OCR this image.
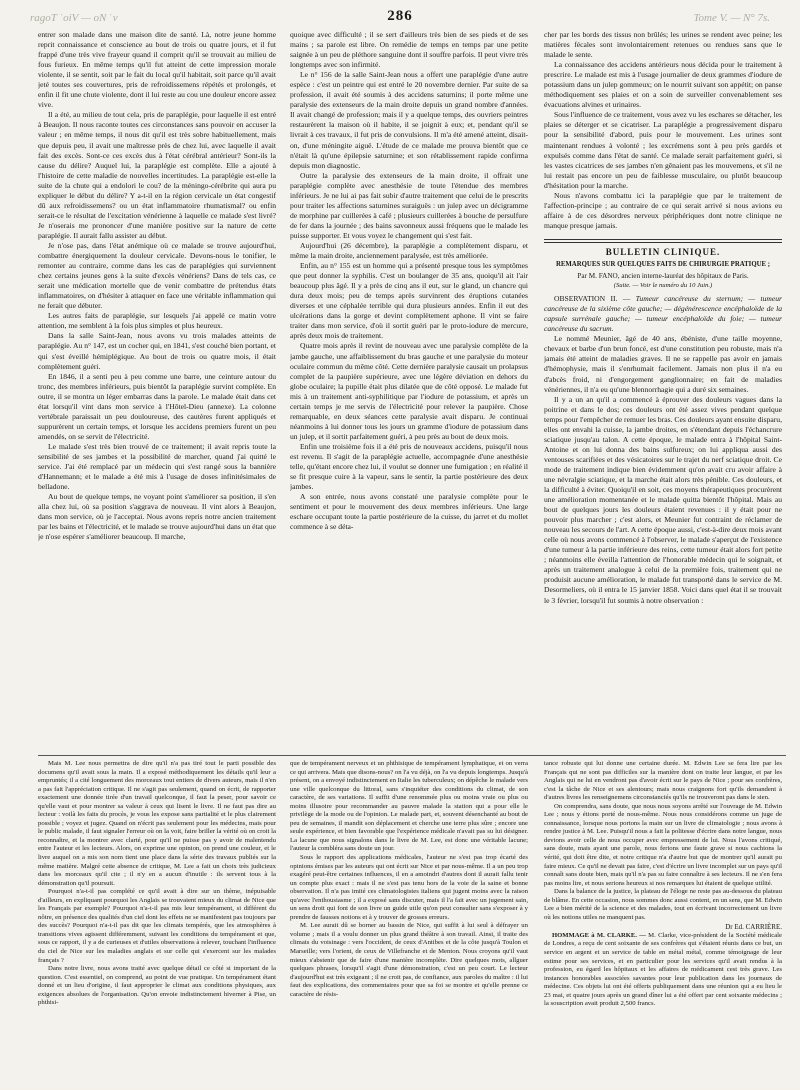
ragoT ˈoiV — oN ˈv	286	Tome V. — N° 7s.

entrer son malade dans une maison dite de santé. Là, notre jeune homme reprit connaissance et conscience au bout de trois ou quatre jours, et il fut frappé d'une très vive frayeur quand il comprit qu'il se trouvait au milieu de fous furieux. En même temps qu'il fut atteint de cette impression morale violente, il se sentit, soit par le fait du local qu'il habitait, soit parce qu'il avait jeté toutes ses couvertures, pris de refroidissemens répétés et prolongés, et enfin il fit une chute violente, dont il lui reste au cou une douleur encore assez vive.

Il a été, au milieu de tout cela, pris de paraplégie, pour laquelle il est entré à Beaujon. Il nous raconte toutes ces circonstances sans pouvoir en accuser la valeur ; en même temps, il nous dit qu'il est très sobre habituellement, mais que depuis peu, il avait une maîtresse près de chez lui, avec laquelle il avait fait des excès. Sont-ce ces excès dus à l'état cérébral antérieur? Sont-ils la cause du délire? Auquel lui, la paraplégie est complète. Elle a ajouté à l'histoire de cette maladie de nouvelles incertitudes. La paraplégie est-elle la suite de la chute qui a endolori le cou? de la méningo-cérébrite qui aura pu expliquer le début du délire? Y a-t-il en la région cervicale un état congestif dû aux refroidissemens? ou un état inflammatoire rhumatismal? ou enfin serait-ce le résultat de l'excitation vénérienne à laquelle ce malade s'est livré? Je n'oserais me prononcer d'une manière positive sur la nature de cette paraplégie. Il aurait fallu assister au début.

Je n'ose pas, dans l'état anémique où ce malade se trouve aujourd'hui, combattre énergiquement la douleur cervicale. Devons-nous le tonifier, le remonter au contraire, comme dans les cas de paraplégies qui surviennent chez certains jeunes gens à la suite d'excès vénériens? Dans de tels cas, ce serait une médication mortelle que de venir combattre de prétendus états inflammatoires, on d'hésiter à attaquer en face une véritable inflammation qui ne ferait que débuter.

Les autres faits de paraplégie, sur lesquels j'ai appelé ce matin votre attention, me semblent à la fois plus simples et plus heureux.

Dans la salle Saint-Jean, nous avons vu trois malades atteints de paraplégie. Au n° 147, est un cocher qui, en 1841, s'est couché bien portant, et qui s'est éveillé hémiplégique. Au bout de trois ou quatre mois, il était complètement guéri.

En 1846, il a senti peu à peu comme une barre, une ceinture autour du tronc, des membres inférieurs, puis bientôt la paraplégie survint complète. En outre, il se montra un léger embarras dans la parole. Le malade était dans cet état lorsqu'il vint dans mon service à l'Hôtel-Dieu (annexe). La colonne vertébrale paraissait un peu douloureuse, des cautères furent appliqués et suppurèrent un certain temps, et lorsque les accidens premiers furent un peu amendés, on se servit de l'électricité.

Le malade s'est très bien trouvé de ce traitement; il avait repris toute la sensibilité de ses jambes et la possibilité de marcher, quand j'ai quitté le service. J'ai été remplacé par un médecin qui s'est rangé sous la bannière d'Hannemann; et le malade a été mis à l'usage de doses infinitésimales de belladone.

Au bout de quelque temps, ne voyant point s'améliorer sa position, il s'en alla chez lui, où sa position s'aggrava de nouveau. Il vint alors à Beaujon, dans mon service, où je l'acceptai. Nous avons repris notre ancien traitement par les bains et l'électricité, et le malade se trouve aujourd'hui dans un état que je n'ose espérer s'améliorer beaucoup. Il marche,

quoique avec difficulté ; il se sert d'ailleurs très bien de ses pieds et de ses mains ; sa parole est libre. On remédie de temps en temps par une petite saignée à un peu de pléthore sanguine dont il souffre parfois. Il peut vivre très longtemps avec son infirmité.

Le n° 156 de la salle Saint-Jean nous a offert une paraplégie d'une autre espèce : c'est un peintre qui est entré le 20 novembre dernier. Par suite de sa profession, il avait été soumis à des accidens saturnins; il porte même une paralysie des extenseurs de la main droite depuis un grand nombre d'années. Il avait changé de profession; mais il y a quelque temps, des ouvriers peintres restaurèrent la maison où il habite, il se joignit à eux; et, pendant qu'il se livrait à ces travaux, il fut pris de convulsions. Il m'a été amené atteint, disait-on, d'une méningite aiguë. L'étude de ce malade me prouva bientôt que ce n'était là qu'une épilepsie saturnine; et son rétablissement rapide confirma depuis mon diagnostic.

Outre la paralysie des extenseurs de la main droite, il offrait une paraplégie complète avec anesthésie de toute l'étendue des membres inférieurs. Je ne lui ai pas fait subir d'autre traitement que celui de le prescrits pour traiter les affections saturnines suraiguës : un julep avec un décigramme de morphine par cuillerées à café ; plusieurs cuillerées à bouche de persulfure de fer dans la journée ; des bains savonneux aussi fréquens que le malade les puisse supporter. Et vous voyez le changement qui s'est fait.

Aujourd'hui (26 décembre), la paraplégie a complètement disparu, et même la main droite, anciennement paralysée, est très améliorée.

Enfin, au n° 155 est un homme qui a présenté presque tous les symptômes que peut donner la syphilis. C'est un boulanger de 35 ans, quoiqu'il ait l'air beaucoup plus âgé. Il y a près de cinq ans il eut, sur le gland, un chancre qui dura deux mois; peu de temps après survinrent des éruptions cutanées diverses et une céphalée terrible qui dura plusieurs années. Enfin il eut des ulcérations dans la gorge et devint complètement aphone. Il vint se faire traiter dans mon service, d'où il sortit guéri par le proto-iodure de mercure, après deux mois de traitement.

Quatre mois après il revint de nouveau avec une paralysie complète de la jambe gauche, une affaiblissement du bras gauche et une paralysie du moteur oculaire commun du même côté. Cette dernière paralysie causait un prolapsus complet de la paupière supérieure, avec une légère déviation en dehors du globe oculaire; la pupille était plus dilatée que de côté opposé. Le malade fut mis à un traitement anti-syphilitique par l'iodure de potassium, et après un certain temps je me servis de l'électricité pour relever la paupière. Chose remarquable, en deux séances cette paralysie avait disparu. Je continuai néanmoins à lui donner tous les jours un gramme d'iodure de potassium dans un julep, et il sortit parfaitement guéri, à peu près au bout de deux mois.

Enfin une troisième fois il a été pris de nouveaux accidens, puisqu'il nous est revenu. Il s'agit de la paraplégie actuelle, accompagnée d'une anesthésie telle, qu'étant encore chez lui, il voulut se donner une fumigation ; en réalité il se fit presque cuire à la vapeur, sans le sentir, la partie postérieure des deux jambes.

A son entrée, nous avons constaté une paralysie complète pour le sentiment et pour le mouvement des deux membres inférieurs. Une large eschare occupant toute la partie postérieure de la cuisse, du jarret et du mollet commence à se déta-

cher par les bords des tissus non brûlés; les urines se rendent avec peine; les matières fécales sont involontairement retenues ou rendues sans que le malade le sente.

La connaissance des accidens antérieurs nous décida pour le traitement à prescrire. Le malade est mis à l'usage journalier de deux grammes d'iodure de potassium dans un julep gommeux; on le nourrit suivant son appétit; on panse méthodiquement ses plaies et on a soin de surveiller convenablement ses évacuations alvines et urinaires.

Sous l'influence de ce traitement, vous avez vu les eschares se détacher, les plaies se déterger et se cicatriser. La paraplégie a progressivement disparu pour la sensibilité d'abord, puis pour le mouvement. Les urines sont maintenant rendues à volonté ; les excrémens sont à peu près gardés et expulsés comme dans l'état de santé. Ce malade serait parfaitement guéri, si les vastes cicatrices de ses jambes n'en gênaient pas les mouvemens, et s'il ne lui restait pas encore un peu de faiblesse musculaire, ou plutôt beaucoup d'hésitation pour la marche.

Nous n'avons combattu ici la paraplégie que par le traitement de l'affection-principe ; au contraire de ce qui serait arrivé si nous avions eu affaire à de ces désordres nerveux périphériques dont notre clinique ne manque presque jamais.

BULLETIN CLINIQUE.

REMARQUES SUR QUELQUES FAITS DE CHIRURGIE PRATIQUE ;

Par M. FANO, ancien interne-lauréat des hôpitaux de Paris.

(Suite. — Voir le numéro du 10 Juin.)

OBSERVATION II. — Tumeur cancéreuse du sternum; — tumeur cancéreuse de la sixième côte gauche; — dégénérescence encéphaloïde de la capsule surrénale gauche; — tumeur encéphaloïde du foie; — tumeur cancéreuse du sacrum.

Le nommé Meunier, âgé de 40 ans, ébéniste, d'une taille moyenne, chevaux et barbe d'un brun foncé, est d'une constitution peu robuste, mais n'a jamais été atteint de maladies graves. Il ne se rappelle pas avoir en jamais d'hémophysie, mais il s'enrhumait facilement. Jamais non plus il n'a eu d'abcès froid, ni d'engorgement ganglionnaire; en fait de maladies vénériennes, il n'a eu qu'une blennorrhagie qui a duré six semaines.

Il y a un an qu'il a commencé à éprouver des douleurs vagues dans la poitrine et dans le dos; ces douleurs ont été assez vives pendant quelque temps pour l'empêcher de remuer les bras. Ces douleurs ayant ensuite disparu, elles ont envahi la cuisse, la jambe droites, en s'étendant depuis l'échancrure sciatique jusqu'au talon. A cette époque, le malade entra à l'hôpital Saint-Antoine et on lui donna des bains sulfureux; on lui appliqua aussi des ventouses scarifiées et des vésicatoires sur le trajet du nerf sciatique droit. Ce mode de traitement indique bien évidemment qu'on avait cru avoir affaire à une névralgie sciatique, et la marche était alors très pénible. Ces douleurs, et la difficulté à éviter. Quoiqu'il en soit, ces moyens thérapeutiques procurèrent une amélioration momentanée et le malade quitta bientôt l'hôpital. Mais au bout de quelques jours les douleurs étaient revenues : il y était pour ne pouvoir plus marcher ; c'est alors, et Meunier fut contraint de réclamer de nouveau les secours de l'art. A cette époque aussi, c'est-à-dire deux mois avant celle où nous avons commencé à l'observer, le malade s'aperçut de l'existence d'une tumeur à la partie inférieure des reins, cette tumeur était alors fort petite ; néanmoins elle éveilla l'attention de l'honorable médecin qui le soignait, et après un traitement analogue à celui de la première fois, traitement qui ne produisit aucune amélioration, le malade fut transporté dans le service de M. Desormeliers, où il entra le 15 janvier 1858. Voici dans quel état il se trouvait le 3 février, lorsqu'il fut soumis à notre observation :

Mais M. Lee nous permettra de dire qu'il n'a pas tiré tout le parti possible des documens qu'il avait sous la main. Il a exposé méthodiquement les détails qu'il leur a empruntés; il a cité longuement des morceaux tout entiers de divers auteurs, mais il n'en a pas fait l'appréciation critique. Il ne s'agit pas seulement, quand on écrit, de rapporter exactement une donnée tirée d'un travail quelconque, il faut la peser, pour savoir ce qu'elle vaut et pour montrer sa valeur à ceux qui lisent le livre. Il ne faut pas dire au lecteur : voilà les faits du procès, je vous les expose sans partialité et le plus clairement possible ; voyez et jugez. Quand on n'écrit pas seulement pour les médecins, mais pour le public malade, il faut signaler l'erreur où on la voit, faire briller la vérité où on croit la reconnaître, et la montrer avec clarté, pour qu'il ne puisse pas y avoir de malentendu entre l'auteur et les lecteurs. Alors, on exprime une opinion, on prend une couleur, et le livre auquel on a mis son nom tient une place dans la série des travaux publiés sur la même matière. Malgré cette absence de critique, M. Lee a fait un choix très judicieux dans les morceaux qu'il cite ; il n'y en a aucun d'inutile : ils servent tous à la démonstration qu'il poursuit.

Pourquoi n'a-t-il pas complété ce qu'il avait à dire sur un thème, inépuisable d'ailleurs, en expliquant pourquoi les Anglais se trouvaient mieux du climat de Nice que les Français par exemple? Pourquoi n'a-t-il pas mis leur tempérament, si différent du nôtre, en présence des qualités d'un ciel dont les effets ne se manifestent pas toujours par des succès? Pourquoi n'a-t-il pas dit que les climats tempérés, que les atmosphères à transitions vives agissent différemment, suivant les conditions du tempérament et que, sous ce rapport, il y a de curieuses et d'utiles observations à relever, touchant l'influence du ciel de Nice sur les maladies anglais et sur celle qui s'exercent sur les malades français ?

Dans notre livre, nous avons traité avec quelque détail ce côté si important de la question. C'est essentiel, on comprend, au point de vue pratique. Un tempérament étant donné et un lieu d'origine, il faut approprier le climat aux conditions physiques, aux exigences absolues de l'organisation. Qu'on envoie indistinctement hiverner à Pise, un phthisi-

que de tempérament nerveux et un phthisique de tempérament lymphatique, et on verra ce qui arrivera. Mais que disons-nous? on l'a vu déjà, on l'a vu depuis longtemps. Jusqu'à présent, on a envoyé indistinctement en Italie les tuberculeux; on dépêche le malade vers une ville quelconque du littoral, sans s'inquiéter des conditions du climat, de son caractère, de ses variations. Il suffit d'une renommée plus ou moins vraie ou plus ou moins illusoire pour recommander au pauvre malade la station qui a pour elle le privilège de la mode ou de l'opinion. Le malade part, et, souvent désenchanté au bout de peu de semaines, il mandit son déplacement et cherche une terre plus sûre ; encore une seule expérience, et bien favorable que l'expérience médicale n'avait pas su lui désigner. La lacune que nous signalons dans le livre de M. Lee, est donc une véritable lacune; l'auteur la combléra sans doute un jour.

Sous le rapport des applications médicales, l'auteur ne s'est pas trop écarté des opinions émises par les auteurs qui ont écrit sur Nice et par nous-même. Il a un peu trop exagéré peut-être certaines influences, il en a amoindri d'autres dont il aurait fallu tenir un compte plus exact : mais il ne s'est pas tenu hors de la voie de la saine et bonne observation. Il n'a pas imité ces climatologistes italiens qui jugent moins avec la raison qu'avec l'enthousiasme ; il a exposé sans discuter, mais il l'a fait avec un jugement sain, un sens droit qui font de son livre un guide utile qu'on peut consulter sans s'exposer à y prendre de fausses notions et à y trouver de grosses erreurs.

M. Lee aurait dû se borner au bassin de Nice, qui suffit à lui seul à défrayer un volume ; mais il a voulu donner un plus grand théâtre à son travail. Ainsi, il traite des climats du voisinage : vers l'occident, de ceux d'Antibes et de la côte jusqu'à Toulon et Marseille; vers l'orient, de ceux de Villefranche et de Menton. Nous croyons qu'il vaut mieux s'abstenir que de faire d'une manière incomplète. Dire quelques mots, allguer quelques phrases, lorsqu'il s'agit d'une démonstration, c'est un peu court. Le lecteur d'aujourd'hui est très exigeant ; il ne croit pas, de confiance, aux paroles du maître : il lui faut des explications, des commentaires pour que sa foi se montre et qu'elle prenne ce caractère de résis-

tance robuste qui lui donne une certaine durée. M. Edwin Lee se fera lire par les Français qui ne sont pas difficiles sur la manière dont on traite leur langue, et par les Anglais qui ne lui en vendront pas d'avoir écrit sur le pays de Nice ; pour ses confrères, c'est la tâche de Nice et ses alentours; mais nous craignons fort qu'ils demandent à d'autres livres les renseignemens circonstanciés qu'ils ne trouveront pas dans le sien.

On comprendra, sans doute, que nous nous soyons arrêté sur l'ouvrage de M. Edwin Lee ; nous y étions porté de nous-même. Nous nous considérons comme un juge de connaissance, lorsque nous portons la main sur un livre de climatologie ; nous avons à rendre justice à M. Lee. Puisqu'il nous a fait la politesse d'écrire dans notre langue, nous devions avoir celle de nous occuper avec empressement de lui. Nous l'avons critiqué, sans doute, mais ayant une parole, nous ferions une faute grave si nous cachions la vérité, qui doit être dite, et notre critique n'a d'autre but que de montrer qu'il aurait pu faire mieux. Ce qu'il ne devait pas faire, c'est d'écrire un livre incomplet sur un pays qu'il connaît sans doute bien, mais qu'il n'a pas su faire connaître à ses lecteurs. Il ne s'en fera pas moins lire, et nous serions heureux si nos remarques lui étaient de quelque utilité.

Dans la balance de la justice, la plateau de l'éloge ne reste pas au-dessous du plateau de blâme. En cette occasion, nous sommes donc aussi content, en un sens, que M. Edwin Lee a bien mérité de la science et des malades, tout en écrivant incorrectement un livre où les notions utiles ne manquent pas.

Dr Ed. CARRIÈRE.

HOMMAGE à M. CLARKE. — M. Clarke, vice-président de la Société médicale de Londres, a reçu de cent soixante de ses confrères qui s'étaient réunis dans ce but, un service en argent et un service de table en métal métal, comme témoignage de leur estime pour ses services, et en particulier pour les services qu'il avait rendus à la profession, eu égard les hôpitaux et les affaires de médicament cest très grave. Les instances honorables associées savantes pour leur publication dans les journaux de médecine. Ces objets lui ont été offerts publiquement dans une réunion qui a eu lieu le 23 mai, et quatre jours après un grand dîner lui a été offert par cent soixante médecins ; la souscription avait produit 2,500 francs.
